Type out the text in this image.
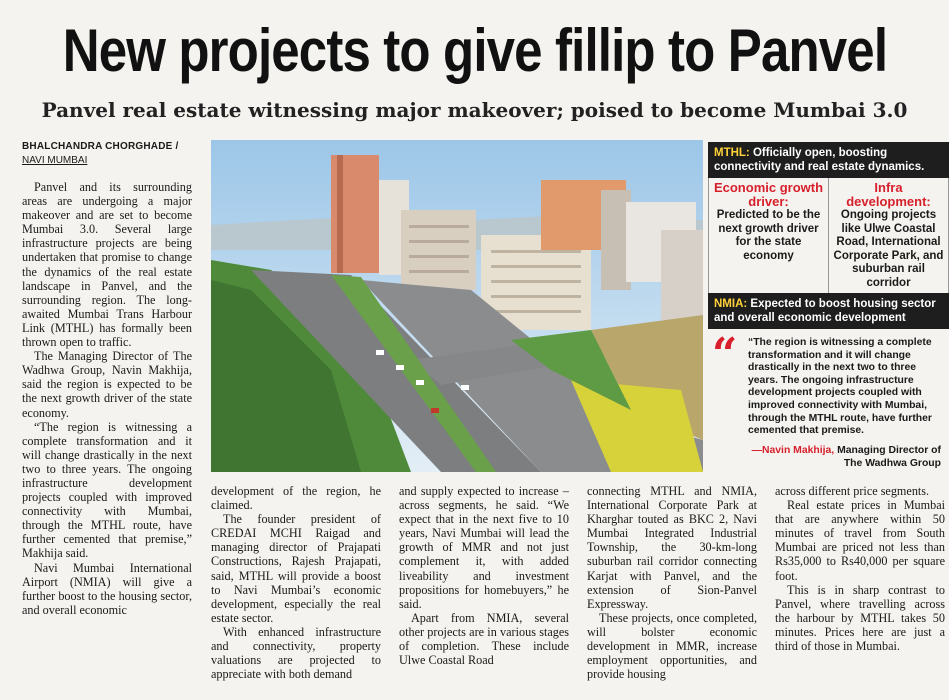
New projects to give fillip to Panvel
Panvel real estate witnessing major makeover; poised to become Mumbai 3.0
BHALCHANDRA CHORGHADE /
NAVI MUMBAI

Panvel and its surrounding areas are undergoing a major makeover and are set to become Mumbai 3.0. Several large infrastructure projects are being undertaken that promise to change the dynamics of the real estate landscape in Panvel, and the surrounding region. The long-awaited Mumbai Trans Harbour Link (MTHL) has formally been thrown open to traffic.

The Managing Director of The Wadhwa Group, Navin Makhija, said the region is expected to be the next growth driver of the state economy.

“The region is witnessing a complete transformation and it will change drastically in the next two to three years. The ongoing infrastructure development projects coupled with improved connectivity with Mumbai, through the MTHL route, have further cemented that premise,” Makhija said.

Navi Mumbai International Airport (NMIA) will give a further boost to the housing sector, and overall economic

MTHL: Officially open, boosting connectivity and real estate dynamics.
Economic growth driver:
Predicted to be the next growth driver for the state economy
Infra development:
Ongoing projects like Ulwe Coastal Road, International Corporate Park, and suburban rail corridor
NMIA: Expected to boost housing sector and overall economic development
“ “The region is witnessing a complete transformation and it will change drastically in the next two to three years. The ongoing infrastructure development projects coupled with improved connectivity with Mumbai, through the MTHL route, have further cemented that premise.
—Navin Makhija, Managing Director of The Wadhwa Group

development of the region, he claimed.

The founder president of CREDAI MCHI Raigad and managing director of Prajapati Constructions, Rajesh Prajapati, said, MTHL will provide a boost to Navi Mumbai’s economic development, especially the real estate sector.

With enhanced infrastructure and connectivity, property valuations are projected to appreciate with both demand

and supply expected to increase – across segments, he said. “We expect that in the next five to 10 years, Navi Mumbai will lead the growth of MMR and not just complement it, with added liveability and investment propositions for homebuyers,” he said.

Apart from NMIA, several other projects are in various stages of completion. These include Ulwe Coastal Road

connecting MTHL and NMIA, International Corporate Park at Kharghar touted as BKC 2, Navi Mumbai Integrated Industrial Township, the 30-km-long suburban rail corridor connecting Karjat with Panvel, and the extension of Sion-Panvel Expressway.

These projects, once completed, will bolster economic development in MMR, increase employment opportunities, and provide housing

across different price segments.

Real estate prices in Mumbai that are anywhere within 50 minutes of travel from South Mumbai are priced not less than Rs35,000 to Rs40,000 per square foot.

This is in sharp contrast to Panvel, where travelling across the harbour by MTHL takes 50 minutes. Prices here are just a third of those in Mumbai.
